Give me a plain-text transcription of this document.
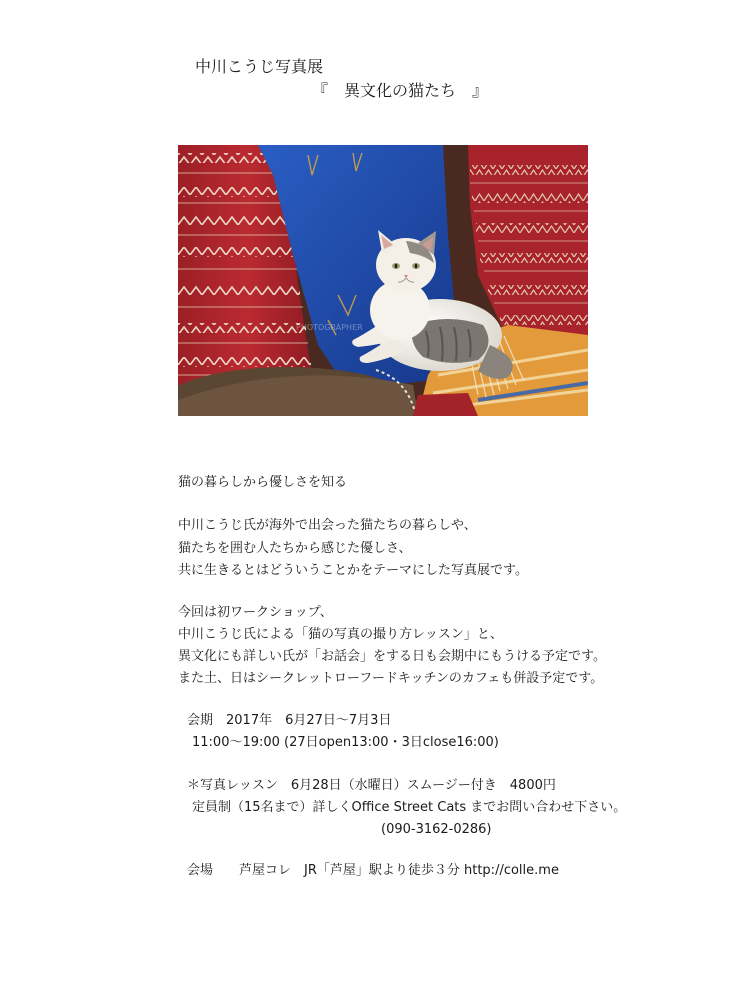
中川こうじ写真展
『　異文化の猫たち　』
PHOTOGRAPHER
猫の暮らしから優しさを知る
中川こうじ氏が海外で出会った猫たちの暮らしや、
猫たちを囲む人たちから感じた優しさ、
共に生きるとはどういうことかをテーマにした写真展です。
今回は初ワークショップ、
中川こうじ氏による「猫の写真の撮り方レッスン」と、
異文化にも詳しい氏が「お話会」をする日も会期中にもうける予定です。
また土、日はシークレットローフードキッチンのカフェも併設予定です。
会期　2017年　6月27日〜7月3日
11:00〜19:00 (27日open13:00・3日close16:00)
＊写真レッスン　6月28日（水曜日）スムージー付き　4800円
定員制（15名まで）詳しくOffice Street Cats までお問い合わせ下さい。
(090-3162-0286)
会場　　芦屋コレ　JR「芦屋」駅より徒歩３分 http://colle.me
